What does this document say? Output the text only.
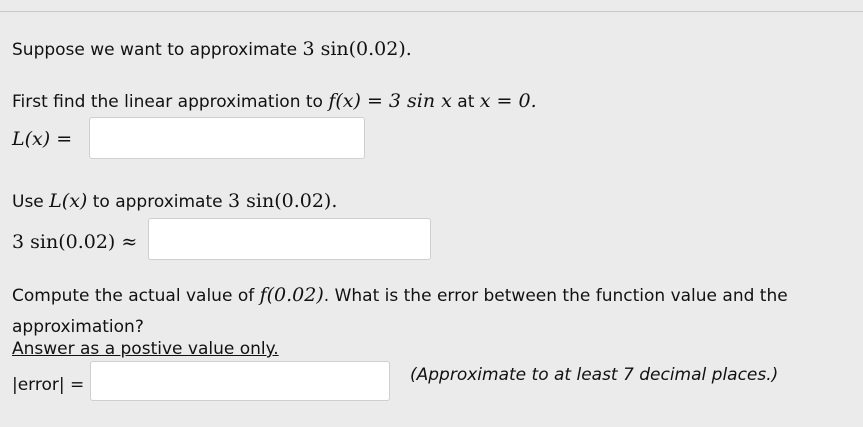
Suppose we want to approximate 3 sin(0.02).
First find the linear approximation to f(x) = 3 sin x at x = 0.
L(x) =
Use L(x) to approximate 3 sin(0.02).
3 sin(0.02) ≈
Compute the actual value of f(0.02). What is the error between the function value and the
approximation?
Answer as a postive value only.
|error| =	(Approximate to at least 7 decimal places.)
